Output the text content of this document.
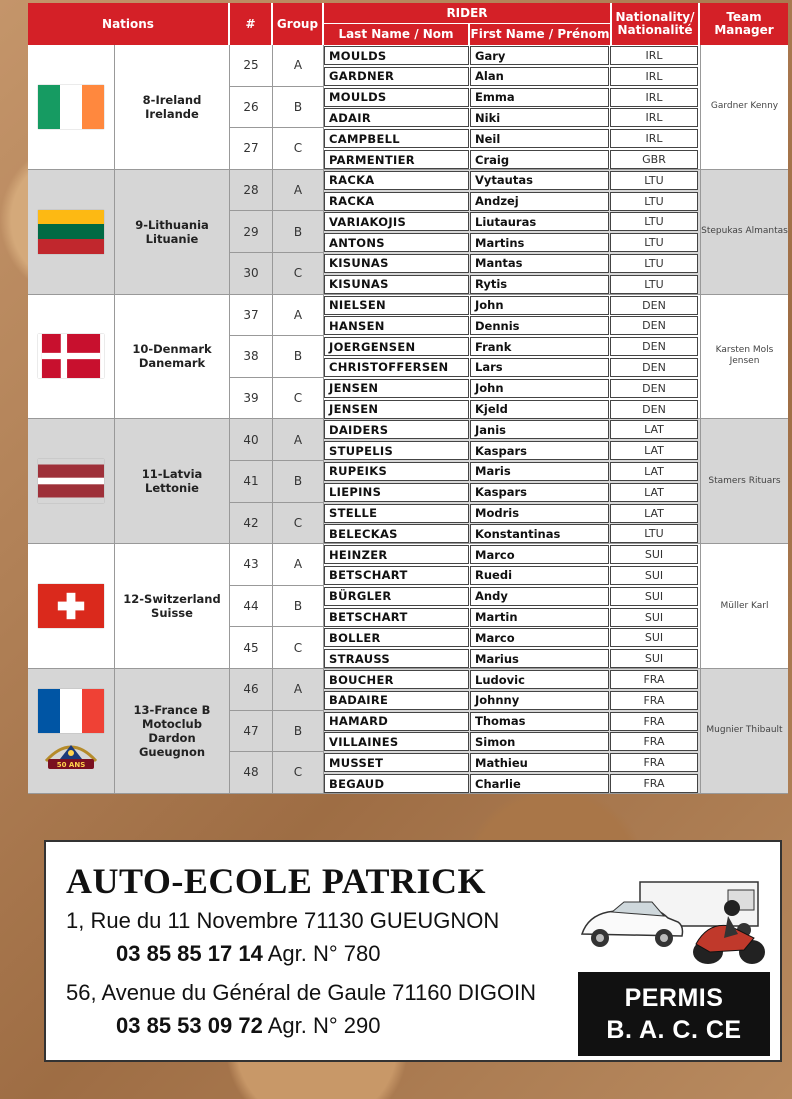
Nations	#	Group
RIDER
Last Name / Nom	First Name / Prénom
Nationality/ Nationalité
Team Manager
8-Ireland
Irelande
25	A
MOULDS	Gary	IRL
GARDNER	Alan	IRL
26	B
MOULDS	Emma	IRL
ADAIR	Niki	IRL
27	C
CAMPBELL	Neil	IRL
PARMENTIER	Craig	GBR
Gardner Kenny
9-Lithuania
Lituanie
28	A
RACKA	Vytautas	LTU
RACKA	Andzej	LTU
29	B
VARIAKOJIS	Liutauras	LTU
ANTONS	Martins	LTU
30	C
KISUNAS	Mantas	LTU
KISUNAS	Rytis	LTU
Stepukas Almantas
10-Denmark
Danemark
37	A
NIELSEN	John	DEN
HANSEN	Dennis	DEN
38	B
JOERGENSEN	Frank	DEN
CHRISTOFFERSEN	Lars	DEN
39	C
JENSEN	John	DEN
JENSEN	Kjeld	DEN
Karsten Mols Jensen
11-Latvia
Lettonie
40	A
DAIDERS	Janis	LAT
STUPELIS	Kaspars	LAT
41	B
RUPEIKS	Maris	LAT
LIEPINS	Kaspars	LAT
42	C
STELLE	Modris	LAT
BELECKAS	Konstantinas	LTU
Stamers Rituars
12-Switzerland
Suisse
43	A
HEINZER	Marco	SUI
BETSCHART	Ruedi	SUI
44	B
BÜRGLER	Andy	SUI
BETSCHART	Martin	SUI
45	C
BOLLER	Marco	SUI
STRAUSS	Marius	SUI
Müller Karl
50 ANS
13-France B
Motoclub
Dardon
Gueugnon
46	A
BOUCHER	Ludovic	FRA
BADAIRE	Johnny	FRA
47	B
HAMARD	Thomas	FRA
VILLAINES	Simon	FRA
48	C
MUSSET	Mathieu	FRA
BEGAUD	Charlie	FRA
Mugnier Thibault
AUTO-ECOLE PATRICK
1, Rue du 11 Novembre 71130 GUEUGNON
03 85 85 17 14 Agr. N° 780
56, Avenue du Général de Gaule 71160 DIGOIN
03 85 53 09 72 Agr. N° 290
PERMIS
B. A. C. CE
